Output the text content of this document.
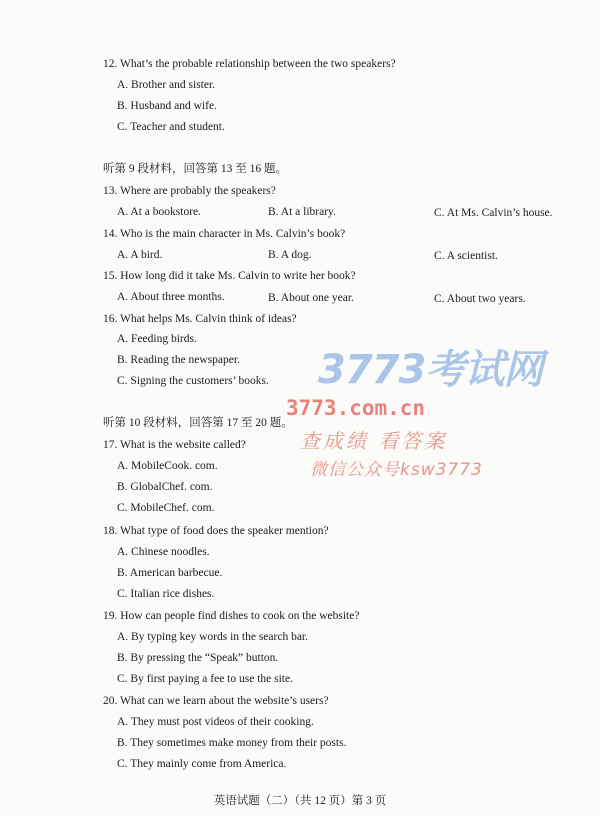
12. What’s the probable relationship between the two speakers?
A. Brother and sister.
B. Husband and wife.
C. Teacher and student.
听第 9 段材料，回答第 13 至 16 题。
13. Where are probably the speakers?
A. At a bookstore.	B. At a library.	C. At Ms. Calvin’s house.
14. Who is the main character in Ms. Calvin’s book?
A. A bird.	B. A dog.	C. A scientist.
15. How long did it take Ms. Calvin to write her book?
A. About three months.	B. About one year.	C. About two years.
16. What helps Ms. Calvin think of ideas?
A. Feeding birds.
B. Reading the newspaper.
C. Signing the customers’ books.
听第 10 段材料，回答第 17 至 20 题。
17. What is the website called?
A. MobileCook. com.
B. GlobalChef. com.
C. MobileChef. com.
18. What type of food does the speaker mention?
A. Chinese noodles.
B. American barbecue.
C. Italian rice dishes.
19. How can people find dishes to cook on the website?
A. By typing key words in the search bar.
B. By pressing the “Speak” button.
C. By first paying a fee to use the site.
20. What can we learn about the website’s users?
A. They must post videos of their cooking.
B. They sometimes make money from their posts.
C. They mainly come from America.
英语试题（二）（共 12 页）第 3 页
3773考试网
3773.com.cn
查成绩 看答案
微信公众号ksw3773
